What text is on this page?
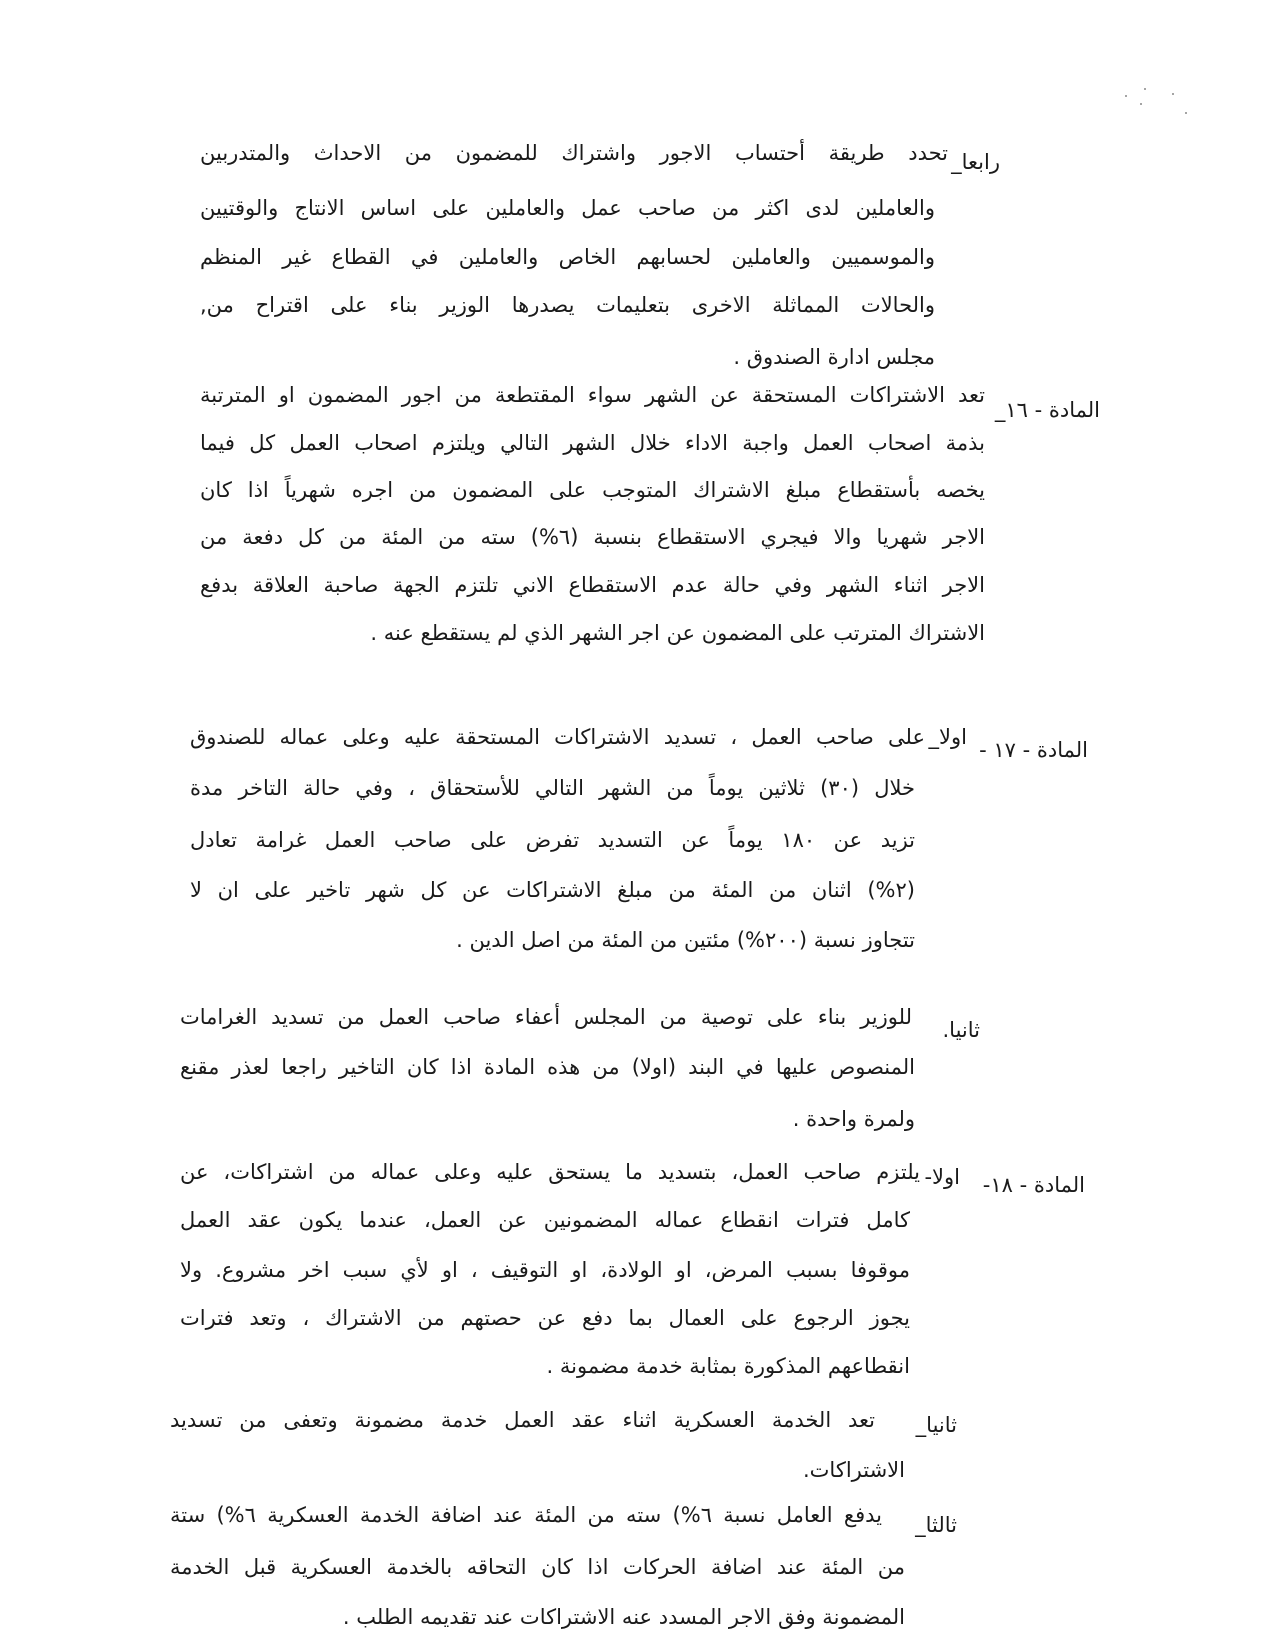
رابعا_
تحدد طريقة أحتساب الاجور واشتراك للمضمون من الاحداث والمتدربين
والعاملين لدى اكثر من صاحب عمل والعاملين على اساس الانتاج والوقتيين
والموسميين والعاملين لحسابهم الخاص والعاملين في القطاع غير المنظم
والحالات المماثلة الاخرى بتعليمات يصدرها الوزير بناء على اقتراح من,
مجلس ادارة الصندوق .
المادة - ١٦_
تعد الاشتراكات المستحقة عن الشهر سواء المقتطعة من اجور المضمون او المترتبة
بذمة اصحاب العمل واجبة الاداء خلال الشهر التالي ويلتزم اصحاب العمل كل فيما
يخصه بأستقطاع مبلغ الاشتراك المتوجب على المضمون من اجره شهرياً اذا كان
الاجر شهريا والا فيجري الاستقطاع بنسبة (٦%) سته من المئة من كل دفعة من
الاجر اثناء الشهر وفي حالة عدم الاستقطاع الاني تلتزم الجهة صاحبة العلاقة بدفع
الاشتراك المترتب على المضمون عن اجر الشهر الذي لم يستقطع عنه .
المادة - ١٧ -
اولا_
على صاحب العمل ، تسديد الاشتراكات المستحقة عليه وعلى عماله للصندوق
خلال (٣٠) ثلاثين يوماً من الشهر التالي للأستحقاق ، وفي حالة التاخر مدة
تزيد عن ١٨٠ يوماً عن التسديد تفرض على صاحب العمل غرامة تعادل
(٢%) اثنان من المئة من مبلغ الاشتراكات عن كل شهر تاخير على ان لا
تتجاوز نسبة (٢٠٠%) مئتين من المئة من اصل الدين .
ثانيا.
للوزير بناء على توصية من المجلس أعفاء صاحب العمل من تسديد الغرامات
المنصوص عليها في البند (اولا) من هذه المادة اذا كان التاخير راجعا لعذر مقنع
ولمرة واحدة .
المادة - ١٨-
اولا-
يلتزم صاحب العمل، بتسديد ما يستحق عليه وعلى عماله من اشتراكات، عن
كامل فترات انقطاع عماله المضمونين عن العمل، عندما يكون عقد العمل
موقوفا بسبب المرض، او الولادة، او التوقيف ، او لأي سبب اخر مشروع. ولا
يجوز الرجوع على العمال بما دفع عن حصتهم من الاشتراك ، وتعد فترات
انقطاعهم المذكورة بمثابة خدمة مضمونة .
ثانيا_
تعد الخدمة العسكرية اثناء عقد العمل خدمة مضمونة وتعفى من تسديد
الاشتراكات.
ثالثا_
يدفع العامل نسبة ٦%) سته من المئة عند اضافة الخدمة العسكرية ٦%) ستة
من المئة عند اضافة الحركات اذا كان التحاقه بالخدمة العسكرية قبل الخدمة
المضمونة وفق الاجر المسدد عنه الاشتراكات عند تقديمه الطلب .
